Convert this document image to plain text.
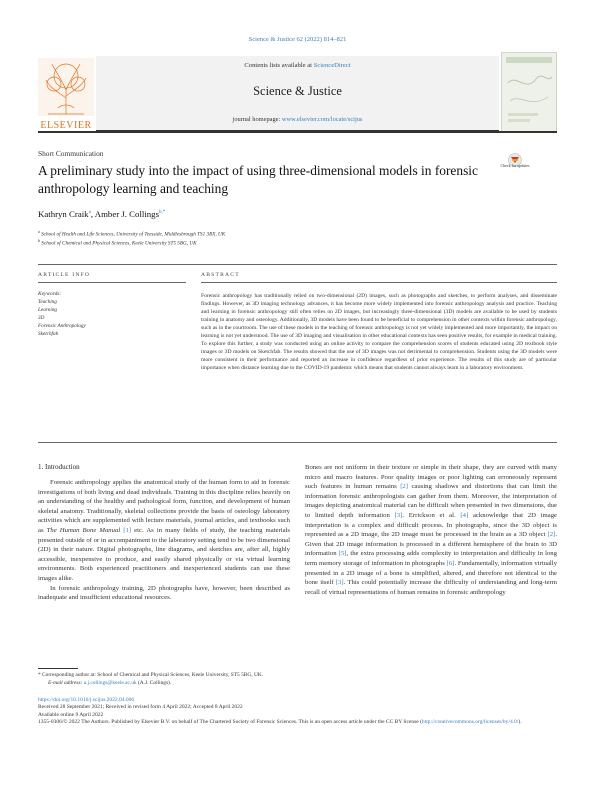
Science & Justice 62 (2022) 814–821
ELSEVIER
Contents lists available at ScienceDirect
Science & Justice
journal homepage: www.elsevier.com/locate/scijus
Short Communication
A preliminary study into the impact of using three-dimensional models in forensic anthropology learning and teaching
Check for updates
Kathryn Craik$^a$, Amber J. Collings$^{b,*}$
$^a$ School of Health and Life Sciences, University of Teesside, Middlesbrough TS1 3BX, UK
$^b$ School of Chemical and Physical Sciences, Keele University ST5 5BG, UK
ARTICLE INFO	ABSTRACT
Keywords:
Teaching
Learning
3D
Forensic Anthropology
Sketchfab
Forensic anthropology has traditionally relied on two-dimensional (2D) images, such as photographs and sketches, to perform analyses, and disseminate findings. However, as 3D imaging technology advances, it has become more widely implemented into forensic anthropology analysis and practice. Teaching and learning in forensic anthropology still often relies on 2D images, but increasingly three-dimensional (3D) models are available to be used by students training in anatomy and osteology. Additionally, 3D models have been found to be beneficial to comprehension in other contexts within forensic anthropology, such as in the courtroom. The use of these models in the teaching of forensic anthropology is not yet widely implemented and more importantly, the impact on learning is not yet understood. The use of 3D imaging and visualisation in other educational contexts has seen positive results, for example in medical training. To explore this further, a study was conducted using an online activity to compare the comprehension scores of students educated using 2D textbook style images or 3D models on Sketchfab. The results showed that the use of 3D images was not detrimental to comprehension. Students using the 3D models were more consistent in their performance and reported an increase in confidence regardless of prior experience. The results of this study are of particular importance when distance learning due to the COVID-19 pandemic which means that students cannot always learn in a laboratory environment.
1. Introduction

Forensic anthropology applies the anatomical study of the human form to aid in forensic investigations of both living and dead individuals. Training in this discipline relies heavily on an understanding of the healthy and pathological form, function, and development of human skeletal anatomy. Traditionally, skeletal collections provide the basis of osteology laboratory activities which are supplemented with lecture materials, journal articles, and textbooks such as The Human Bone Manual [1] etc. As in many fields of study, the teaching materials presented outside of or in accompaniment to the laboratory setting tend to be two dimensional (2D) in their nature. Digital photographs, line diagrams, and sketches are, after all, highly accessible, inexpensive to produce, and easily shared physically or via virtual learning environments. Both experienced practitioners and inexperienced students can use these images alike.

In forensic anthropology training, 2D photographs have, however, been described as inadequate and insufficient educational resources.

Bones are not uniform in their texture or simple in their shape, they are curved with many micro and macro features. Poor quality images or poor lighting can erroneously represent such features in human remains [2] causing shadows and distortions that can limit the information forensic anthropologists can gather from them. Moreover, the interpretation of images depicting anatomical material can be difficult when presented in two dimensions, due to limited depth information [3]. Errickson et al. [4] acknowledge that 2D image interpretation is a complex and difficult process. In photographs, since the 3D object is represented as a 2D image, the 2D image must be processed in the brain as a 3D object [2]. Given that 2D image information is processed in a different hemisphere of the brain to 3D information [5], the extra processing adds complexity to interpretation and difficulty in long term memory storage of information in photographs [6]. Fundamentally, information virtually presented in a 2D image of a bone is simplified, altered, and therefore not identical to the bone itself [3]. This could potentially increase the difficulty of understanding and long-term recall of virtual representations of human remains in forensic anthropology

* Corresponding author at: School of Chemical and Physical Sciences, Keele University, ST5 5BG, UK.
E-mail address: a.j.collings@keele.ac.uk (A.J. Collings).
https://doi.org/10.1016/j.scijus.2022.04.006
Received 28 September 2021; Received in revised form 4 April 2022; Accepted 8 April 2022
Available online 9 April 2022
1355-0306/© 2022 The Authors. Published by Elsevier B.V. on behalf of The Chartered Society of Forensic Sciences. This is an open access article under the CC BY license (http://creativecommons.org/licenses/by/4.0/).
